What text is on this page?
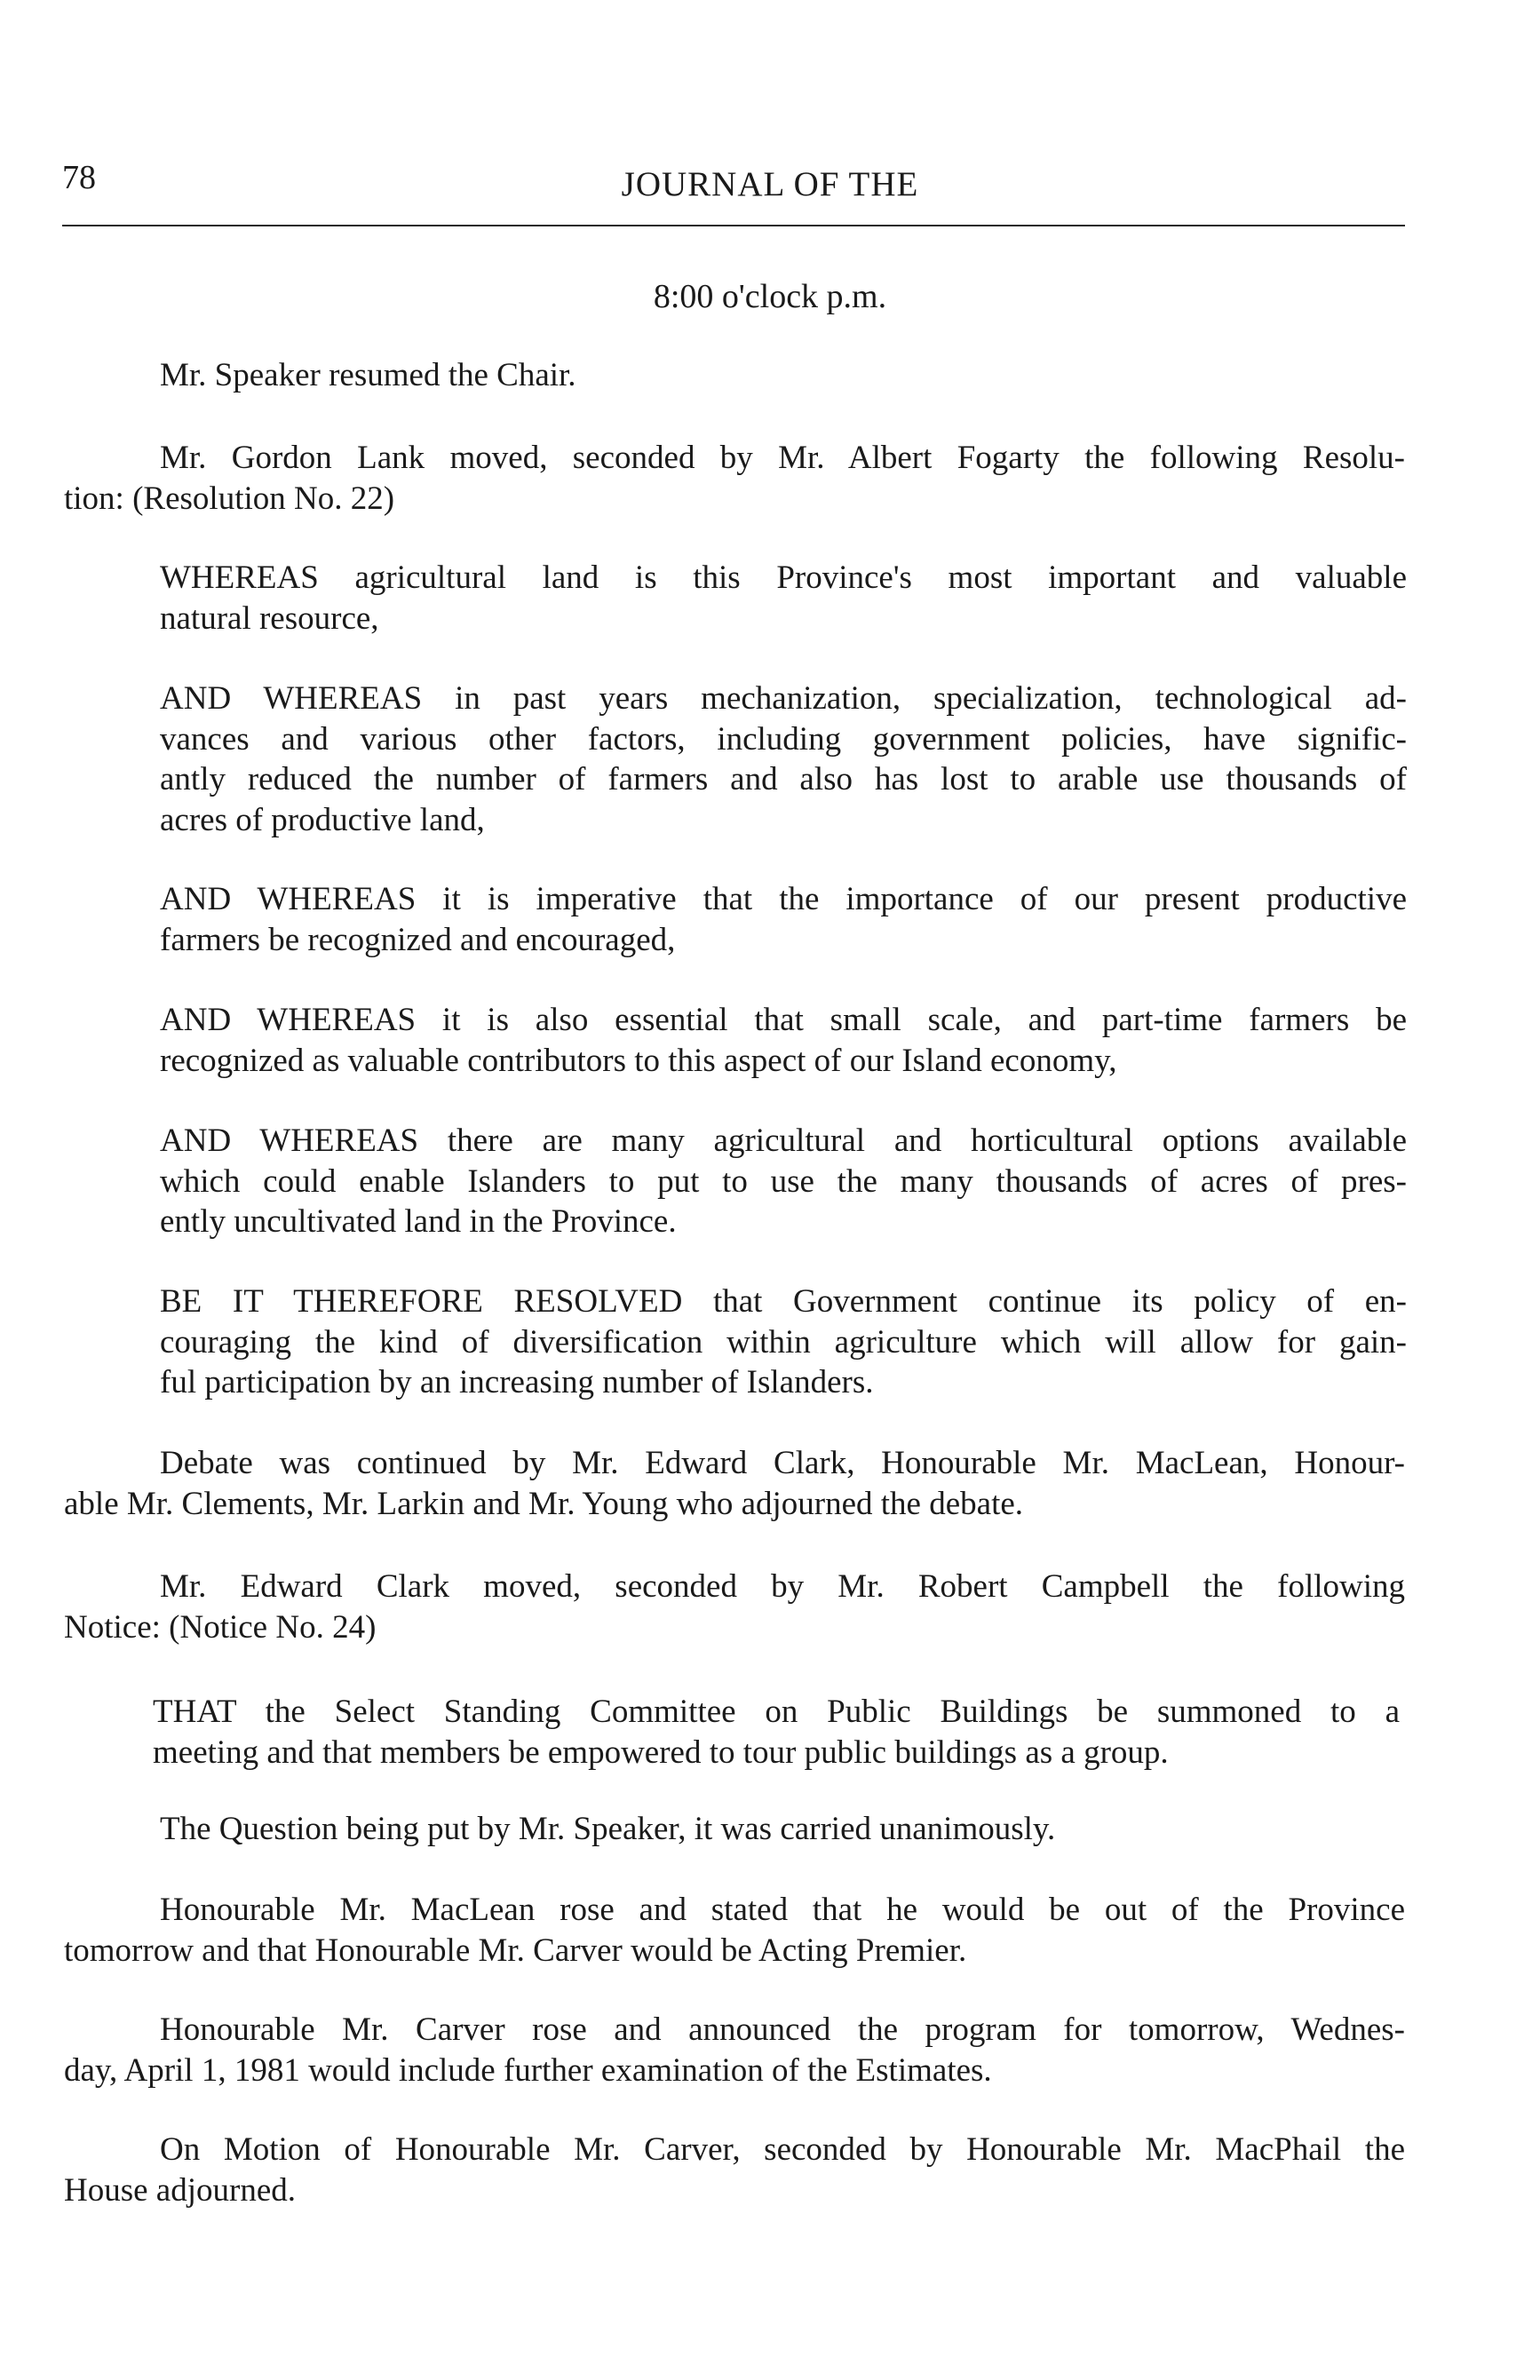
78	JOURNAL OF THE
8:00 o'clock p.m.
Mr. Speaker resumed the Chair.
Mr. Gordon Lank moved, seconded by Mr. Albert Fogarty the following Resolu-
tion: (Resolution No. 22)
WHEREAS agricultural land is this Province's most important and valuable
natural resource,
AND WHEREAS in past years mechanization, specialization, technological ad-
vances and various other factors, including government policies, have signific-
antly reduced the number of farmers and also has lost to arable use thousands of
acres of productive land,
AND WHEREAS it is imperative that the importance of our present productive
farmers be recognized and encouraged,
AND WHEREAS it is also essential that small scale, and part-time farmers be
recognized as valuable contributors to this aspect of our Island economy,
AND WHEREAS there are many agricultural and horticultural options available
which could enable Islanders to put to use the many thousands of acres of pres-
ently uncultivated land in the Province.
BE IT THEREFORE RESOLVED that Government continue its policy of en-
couraging the kind of diversification within agriculture which will allow for gain-
ful participation by an increasing number of Islanders.
Debate was continued by Mr. Edward Clark, Honourable Mr. MacLean, Honour-
able Mr. Clements, Mr. Larkin and Mr. Young who adjourned the debate.
Mr. Edward Clark moved, seconded by Mr. Robert Campbell the following
Notice: (Notice No. 24)
THAT the Select Standing Committee on Public Buildings be summoned to a
meeting and that members be empowered to tour public buildings as a group.
The Question being put by Mr. Speaker, it was carried unanimously.
Honourable Mr. MacLean rose and stated that he would be out of the Province
tomorrow and that Honourable Mr. Carver would be Acting Premier.
Honourable Mr. Carver rose and announced the program for tomorrow, Wednes-
day, April 1, 1981 would include further examination of the Estimates.
On Motion of Honourable Mr. Carver, seconded by Honourable Mr. MacPhail the
House adjourned.
